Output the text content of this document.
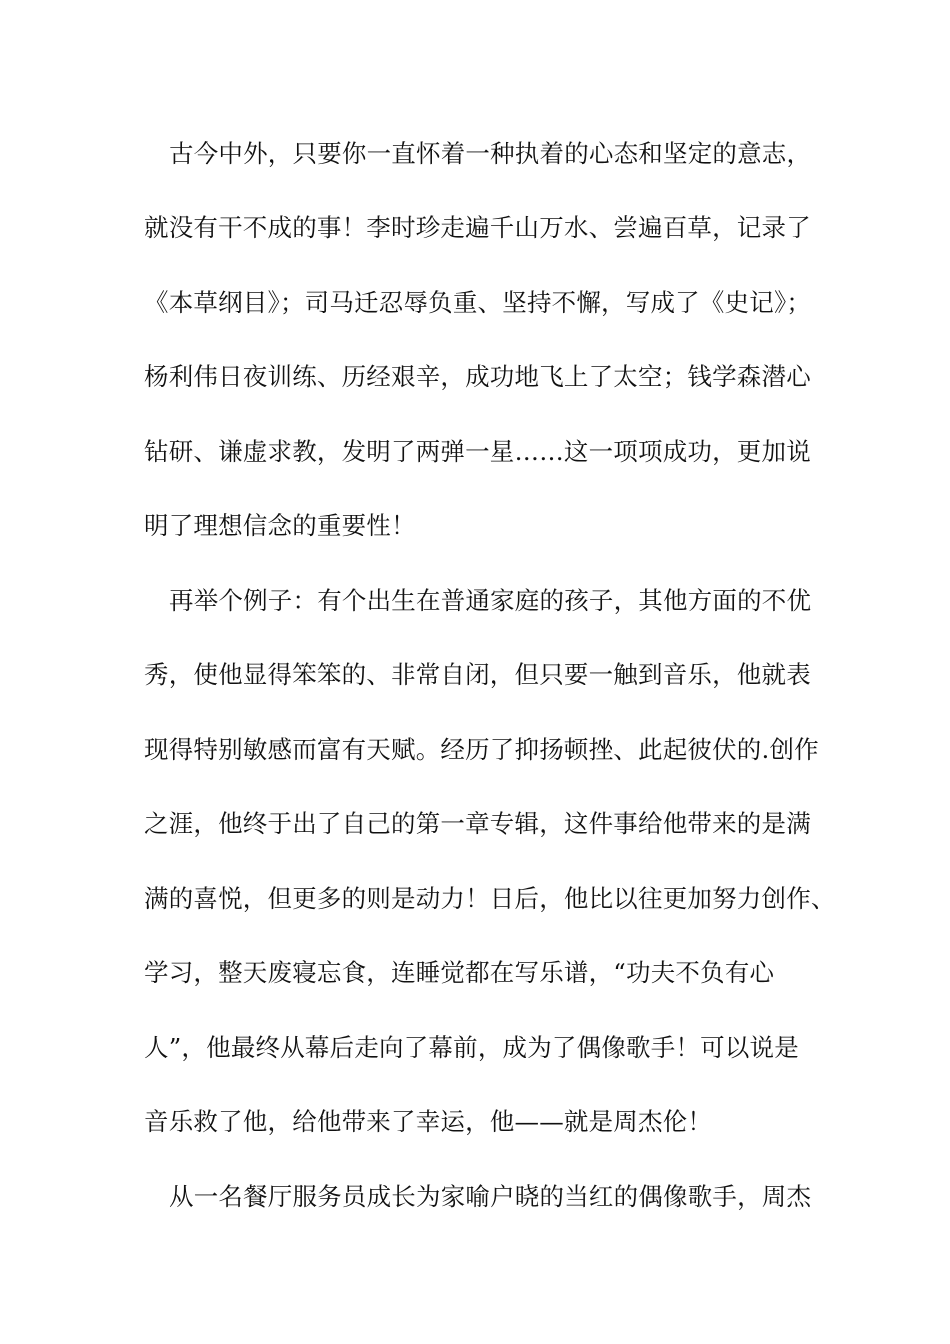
古今中外，只要你一直怀着一种执着的心态和坚定的意志，
就没有干不成的事！李时珍走遍千山万水、尝遍百草，记录了
《本草纲目》；司马迁忍辱负重、坚持不懈，写成了《史记》；
杨利伟日夜训练、历经艰辛，成功地飞上了太空；钱学森潜心
钻研、谦虚求教，发明了两弹一星……这一项项成功，更加说
明了理想信念的重要性！
再举个例子：有个出生在普通家庭的孩子，其他方面的不优
秀，使他显得笨笨的、非常自闭，但只要一触到音乐，他就表
现得特别敏感而富有天赋。经历了抑扬顿挫、此起彼伏的.创作
之涯，他终于出了自己的第一章专辑，这件事给他带来的是满
满的喜悦，但更多的则是动力！日后，他比以往更加努力创作、
学习，整天废寝忘食，连睡觉都在写乐谱，“功夫不负有心
人”，他最终从幕后走向了幕前，成为了偶像歌手！可以说是
音乐救了他，给他带来了幸运，他——就是周杰伦！
从一名餐厅服务员成长为家喻户晓的当红的偶像歌手，周杰
